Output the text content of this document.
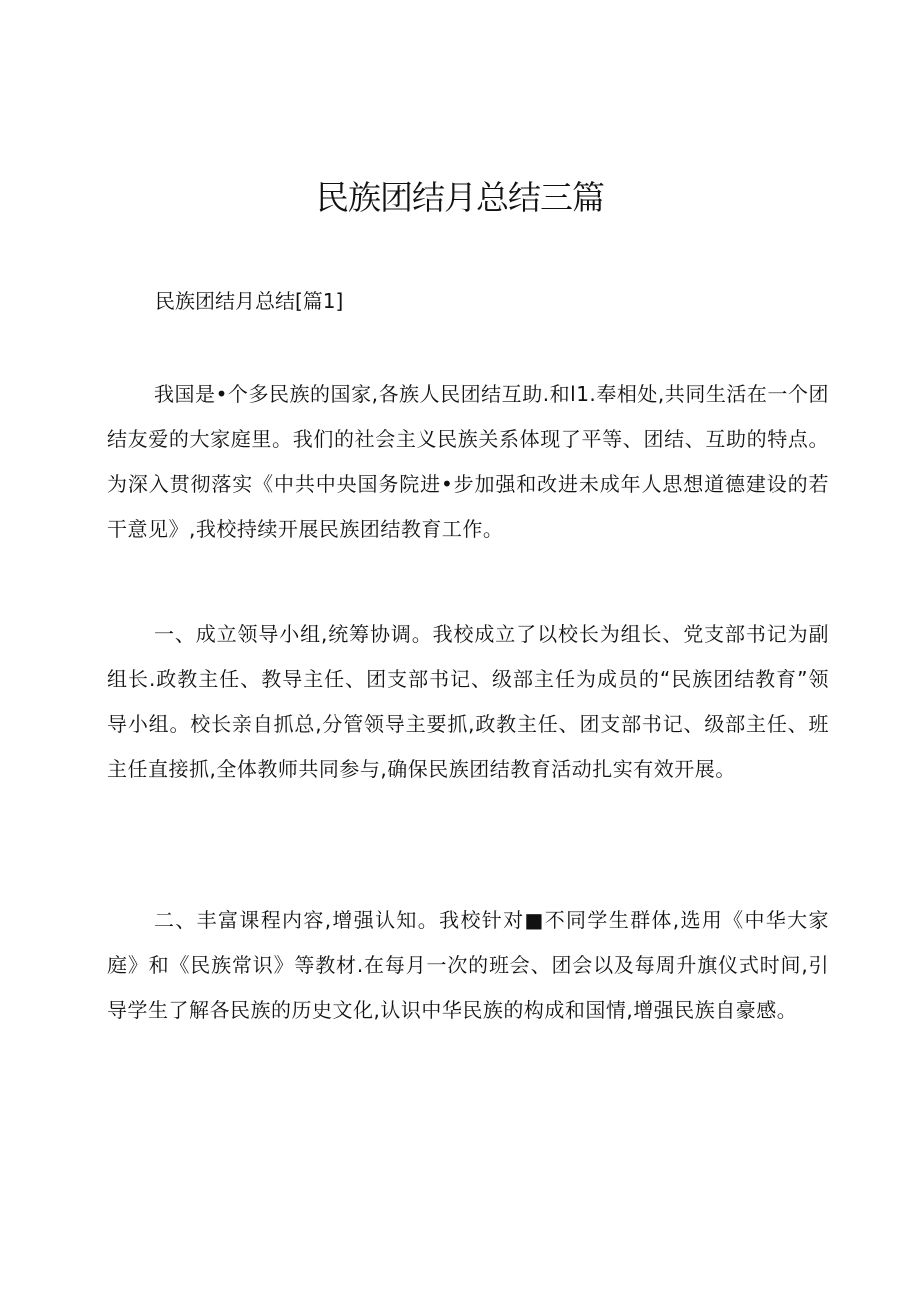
民族团结月总结三篇

民族团结月总结[篇1]

我国是•个多民族的国家,各族人民团结互助.和l1.奉相处,共同生活在一个团结友爱的大家庭里。我们的社会主义民族关系体现了平等、团结、互助的特点。为深入贯彻落实《中共中央国务院进•步加强和改进未成年人思想道德建设的若干意见》,我校持续开展民族团结教育工作。

一、成立领导小组,统筹协调。我校成立了以校长为组长、党支部书记为副组长.政教主任、教导主任、团支部书记、级部主任为成员的“民族团结教育”领导小组。校长亲自抓总,分管领导主要抓,政教主任、团支部书记、级部主任、班主任直接抓,全体教师共同参与,确保民族团结教育活动扎实有效开展。

二、丰富课程内容,增强认知。我校针对■不同学生群体,选用《中华大家庭》和《民族常识》等教材.在每月一次的班会、团会以及每周升旗仪式时间,引导学生了解各民族的历史文化,认识中华民族的构成和国情,增强民族自豪感。
